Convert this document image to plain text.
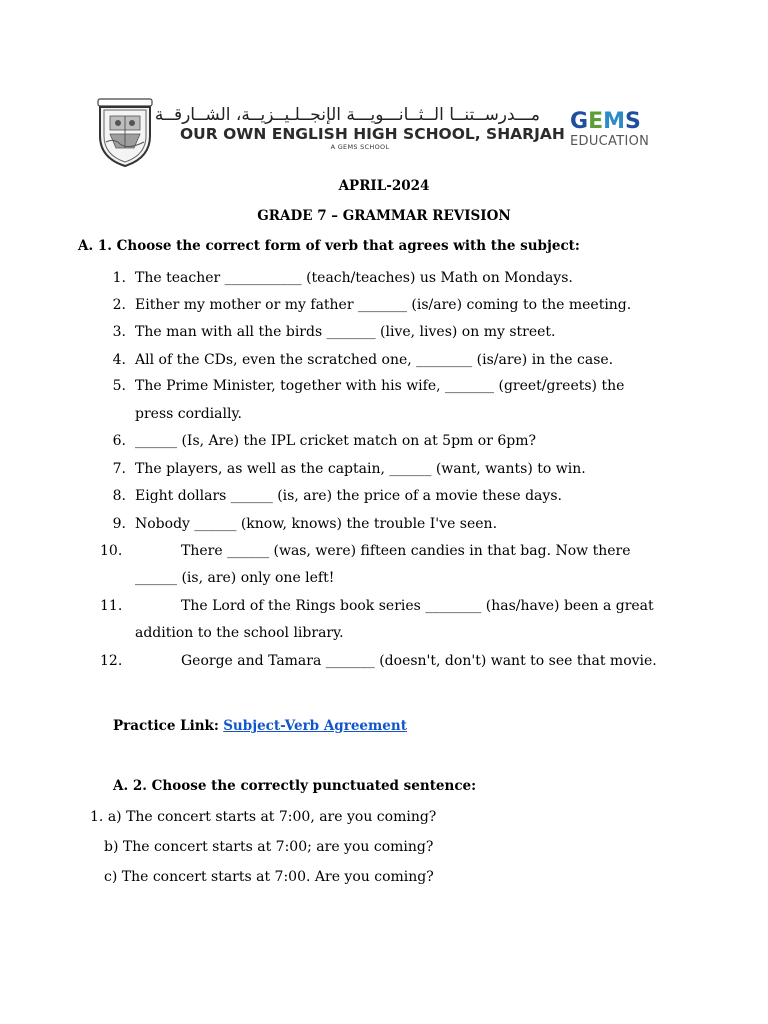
مـــدرســتنــا الــثــانـــويـــة الإنجــلـيــزيــة، الشــارقــة
OUR OWN ENGLISH HIGH SCHOOL, SHARJAH
A GEMS SCHOOL
GEMS
EDUCATION
APRIL-2024
GRADE 7 – GRAMMAR REVISION
A. 1. Choose the correct form of verb that agrees with the subject:
1. The teacher ___________ (teach/teaches) us Math on Mondays.
2. Either my mother or my father _______ (is/are) coming to the meeting.
3. The man with all the birds _______ (live, lives) on my street.
4. All of the CDs, even the scratched one, ________ (is/are) in the case.
5. The Prime Minister, together with his wife, _______ (greet/greets) the
press cordially.
6. ______ (Is, Are) the IPL cricket match on at 5pm or 6pm?
7. The players, as well as the captain, ______ (want, wants) to win.
8. Eight dollars ______ (is, are) the price of a movie these days.
9. Nobody ______ (know, knows) the trouble I've seen.
10.	There ______ (was, were) fifteen candies in that bag. Now there
______ (is, are) only one left!
11.	The Lord of the Rings book series ________ (has/have) been a great
addition to the school library.
12.	George and Tamara _______ (doesn't, don't) want to see that movie.
Practice Link: Subject-Verb Agreement
A. 2. Choose the correctly punctuated sentence:
1. a) The concert starts at 7:00, are you coming?
b) The concert starts at 7:00; are you coming?
c) The concert starts at 7:00. Are you coming?
